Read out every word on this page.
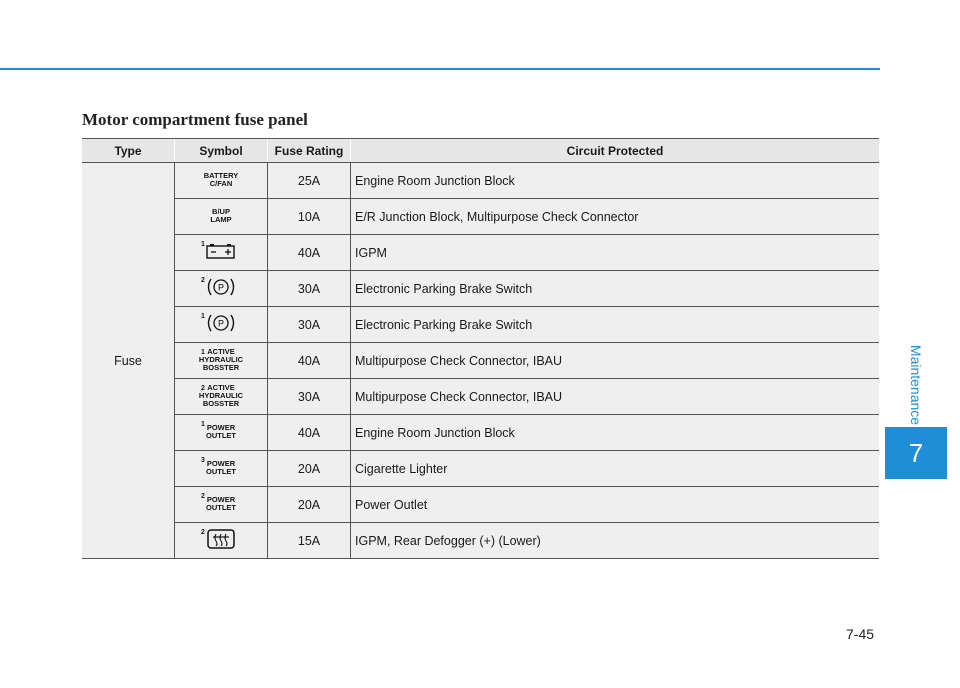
Motor compartment fuse panel
Type	Symbol	Fuse Rating	Circuit Protected
Fuse	BATTERY
C/FAN	25A	Engine Room Junction Block

	B/UP
LAMP	10A	E/R Junction Block, Multipurpose Check Connector

	1	40A	IGPM

	2
P	30A	Electronic Parking Brake Switch

	1
P	30A	Electronic Parking Brake Switch

	1 ACTIVE
HYDRAULIC
BOSSTER	40A	Multipurpose Check Connector, IBAU

	2 ACTIVE
HYDRAULIC
BOSSTER	30A	Multipurpose Check Connector, IBAU

	1 POWER
OUTLET	40A	Engine Room Junction Block

	3 POWER
OUTLET	20A	Cigarette Lighter

	2 POWER
OUTLET	20A	Power Outlet

	2	15A	IGPM, Rear Defogger (+) (Lower)
Maintenance
7
7-45
